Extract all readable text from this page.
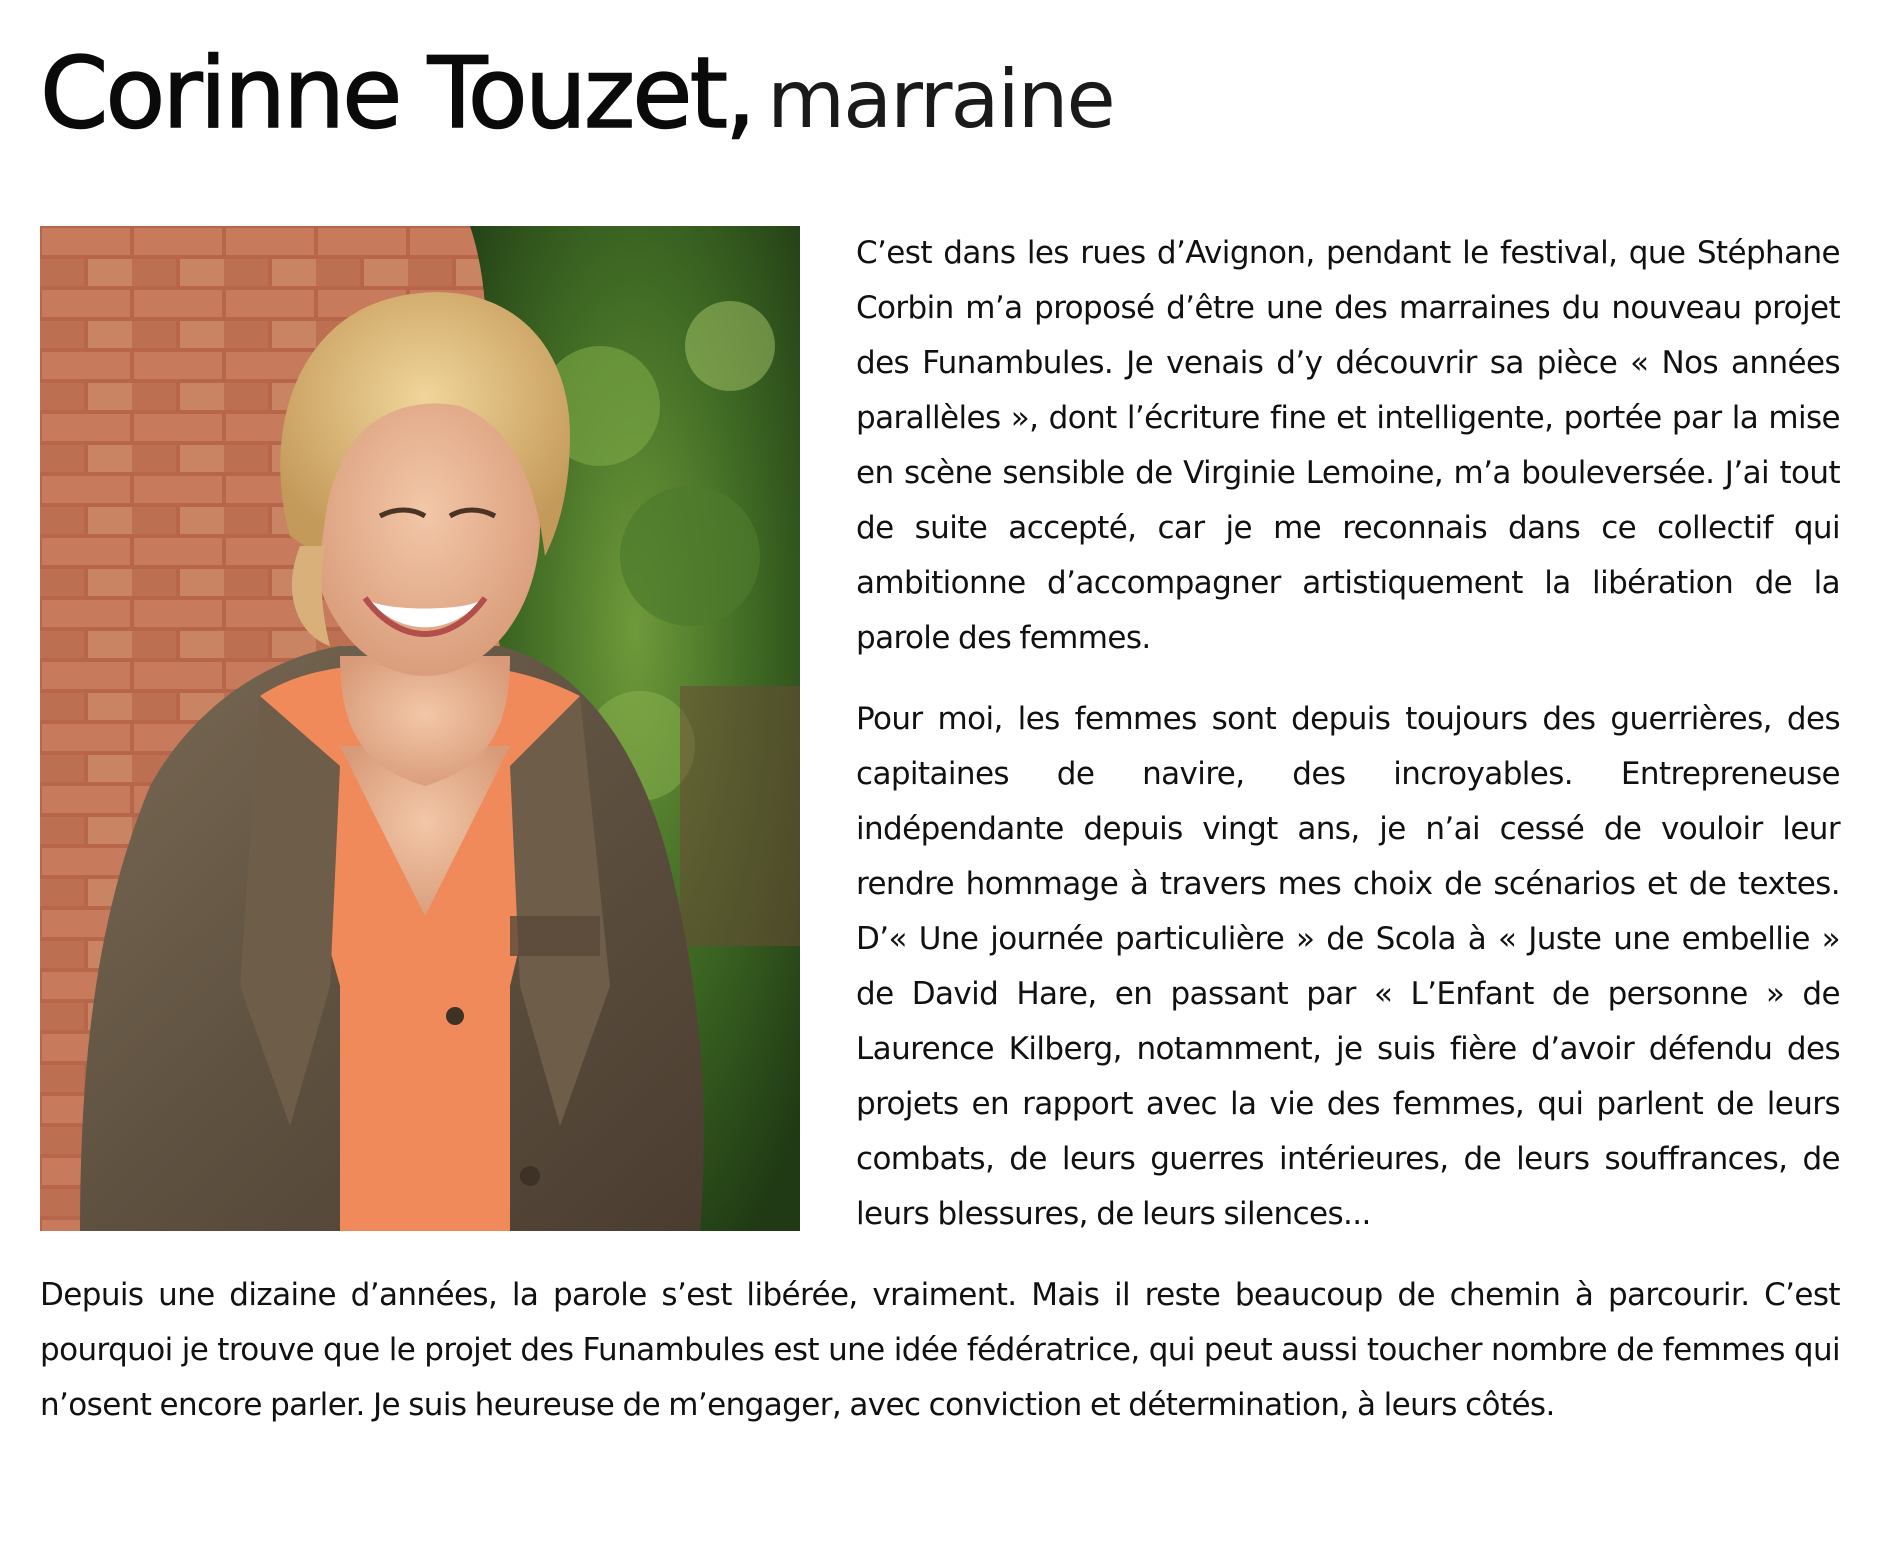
Corinne Touzet, marraine

C’est dans les rues d’Avignon, pendant le festival, que Stéphane Corbin m’a proposé d’être une des marraines du nouveau projet des Funambules. Je venais d’y découvrir sa pièce « Nos années parallèles », dont l’écriture fine et intelligente, portée par la mise en scène sensible de Virginie Lemoine, m’a bouleversée. J’ai tout de suite accepté, car je me reconnais dans ce collectif qui ambitionne d’accompagner artistiquement la libération de la parole des femmes.

Pour moi, les femmes sont depuis toujours des guerrières, des capitaines de navire, des incroyables. Entrepreneuse indépendante depuis vingt ans, je n’ai cessé de vouloir leur rendre hommage à travers mes choix de scénarios et de textes. D’« Une journée particulière » de Scola à « Juste une embellie » de David Hare, en passant par « L’Enfant de personne » de Laurence Kilberg, notamment, je suis fière d’avoir défendu des projets en rapport avec la vie des femmes, qui parlent de leurs combats, de leurs guerres intérieures, de leurs souffrances, de leurs blessures, de leurs silences...

Depuis une dizaine d’années, la parole s’est libérée, vraiment. Mais il reste beaucoup de chemin à parcourir. C’est pourquoi je trouve que le projet des Funambules est une idée fédératrice, qui peut aussi toucher nombre de femmes qui n’osent encore parler. Je suis heureuse de m’engager, avec conviction et détermination, à leurs côtés.
